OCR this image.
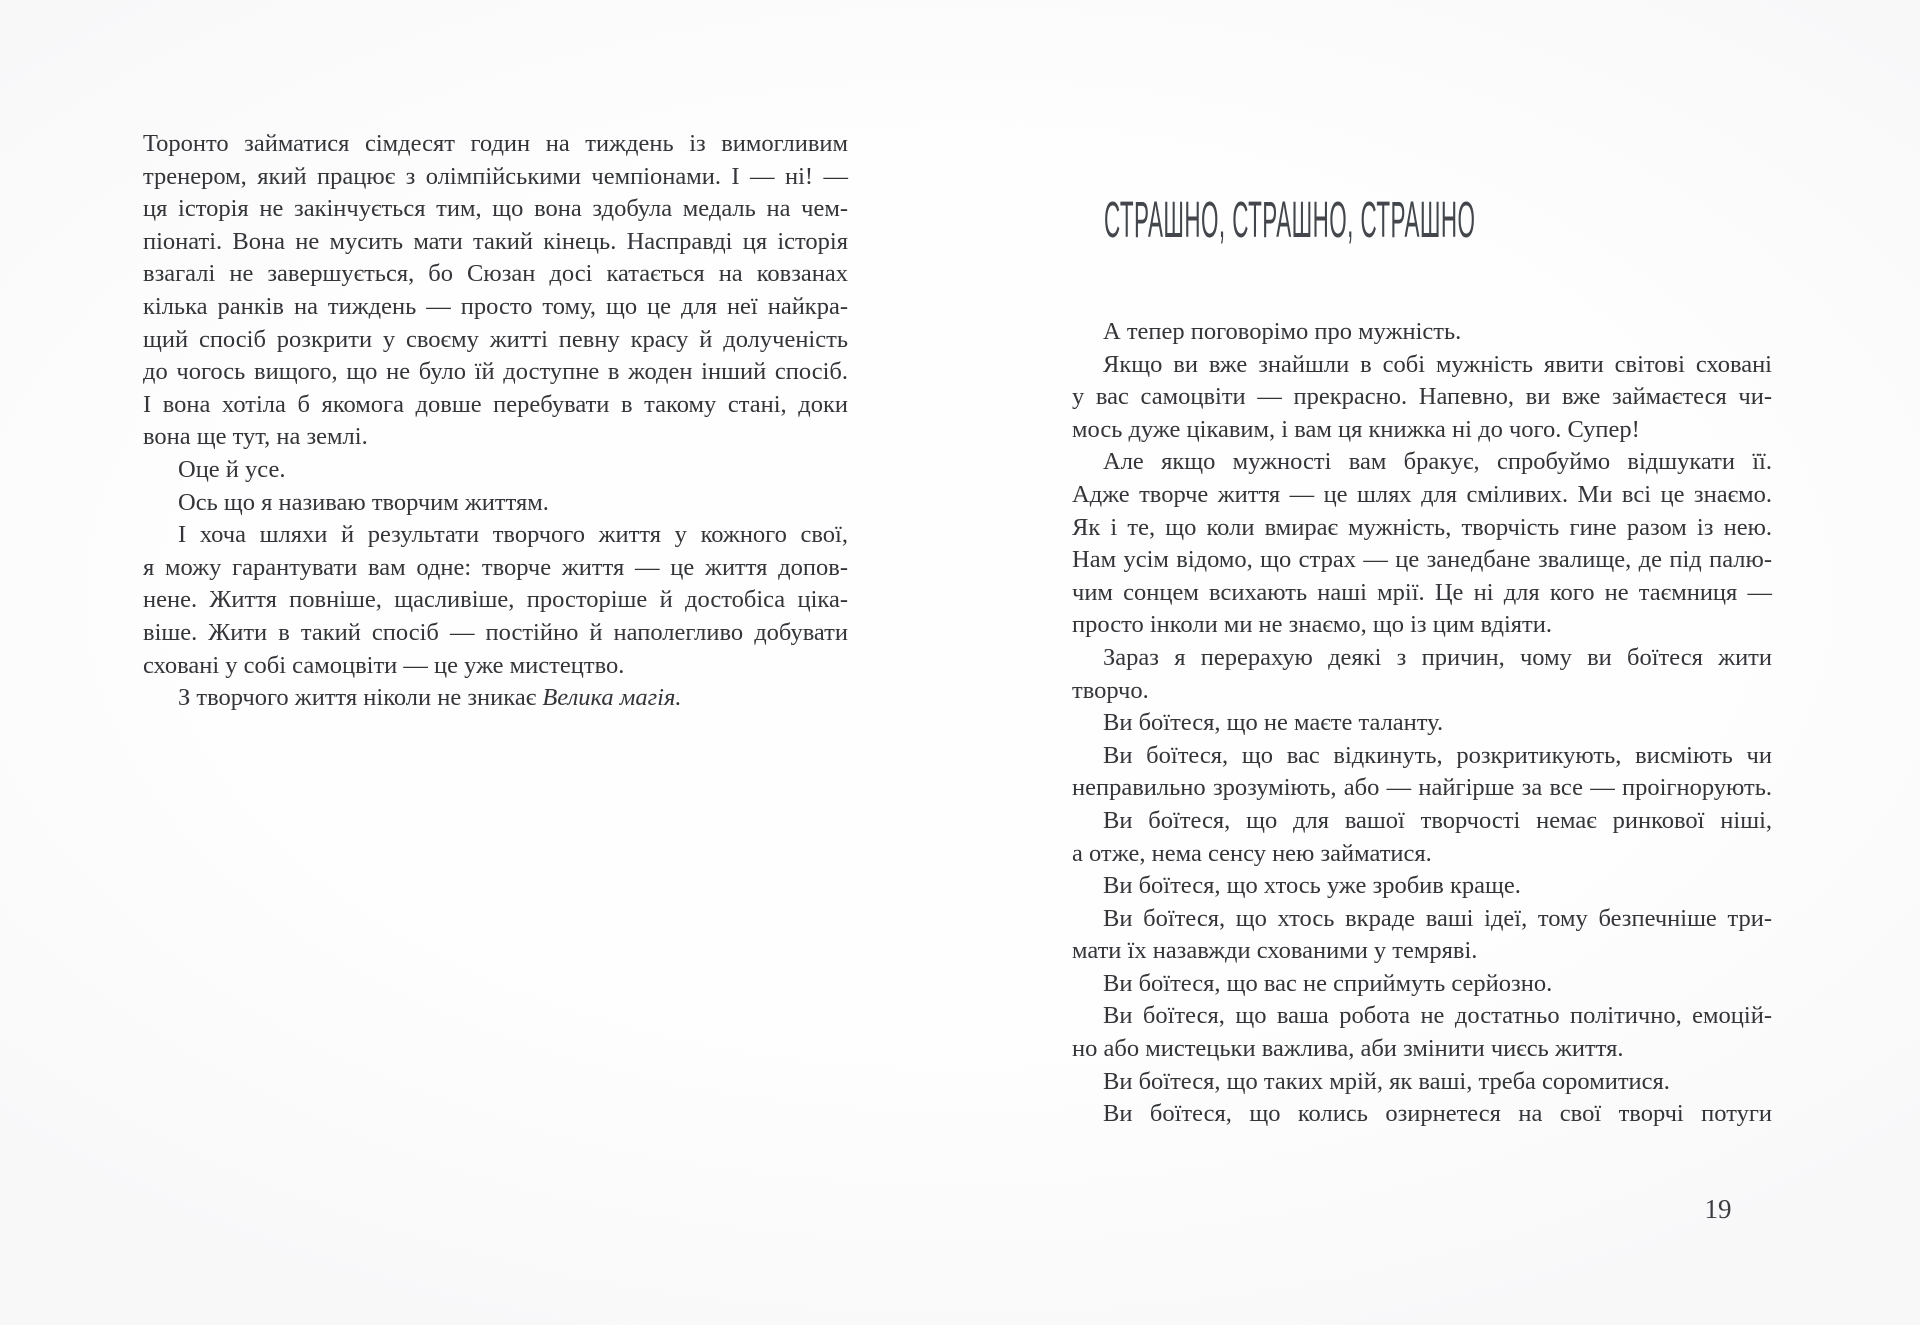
Торонто займатися сімдесят годин на тиждень із вимогливим
тренером, який працює з олімпійськими чемпіонами. І — ні! —
ця історія не закінчується тим, що вона здобула медаль на чем-
піонаті. Вона не мусить мати такий кінець. Насправді ця історія
взагалі не завершується, бо Сюзан досі катається на ковзанах
кілька ранків на тиждень — просто тому, що це для неї найкра-
щий спосіб розкрити у своєму житті певну красу й долученість
до чогось вищого, що не було їй доступне в жоден інший спосіб.
І вона хотіла б якомога довше перебувати в такому стані, доки
вона ще тут, на землі.
Оце й усе.
Ось що я називаю творчим життям.
І хоча шляхи й результати творчого життя у кожного свої,
я можу гарантувати вам одне: творче життя — це життя допов-
нене. Життя повніше, щасливіше, просторіше й достобіса ціка-
віше. Жити в такий спосіб — постійно й наполегливо добувати
сховані у собі самоцвіти — це уже мистецтво.
З творчого життя ніколи не зникає Велика магія.
СТРАШНО, СТРАШНО, СТРАШНО
А тепер поговорімо про мужність.
Якщо ви вже знайшли в собі мужність явити світові сховані
у вас самоцвіти — прекрасно. Напевно, ви вже займаєтеся чи-
мось дуже цікавим, і вам ця книжка ні до чого. Супер!
Але якщо мужності вам бракує, спробуймо відшукати її.
Адже творче життя — це шлях для сміливих. Ми всі це знаємо.
Як і те, що коли вмирає мужність, творчість гине разом із нею.
Нам усім відомо, що страх — це занедбане звалище, де під палю-
чим сонцем всихають наші мрії. Це ні для кого не таємниця —
просто інколи ми не знаємо, що із цим вдіяти.
Зараз я перерахую деякі з причин, чому ви боїтеся жити
творчо.
Ви боїтеся, що не маєте таланту.
Ви боїтеся, що вас відкинуть, розкритикують, висміють чи
неправильно зрозуміють, або — найгірше за все — проігнорують.
Ви боїтеся, що для вашої творчості немає ринкової ніші,
а отже, нема сенсу нею займатися.
Ви боїтеся, що хтось уже зробив краще.
Ви боїтеся, що хтось вкраде ваші ідеї, тому безпечніше три-
мати їх назавжди схованими у темряві.
Ви боїтеся, що вас не сприймуть серйозно.
Ви боїтеся, що ваша робота не достатньо політично, емоцій-
но або мистецьки важлива, аби змінити чиєсь життя.
Ви боїтеся, що таких мрій, як ваші, треба соромитися.
Ви боїтеся, що колись озирнетеся на свої творчі потуги
19
